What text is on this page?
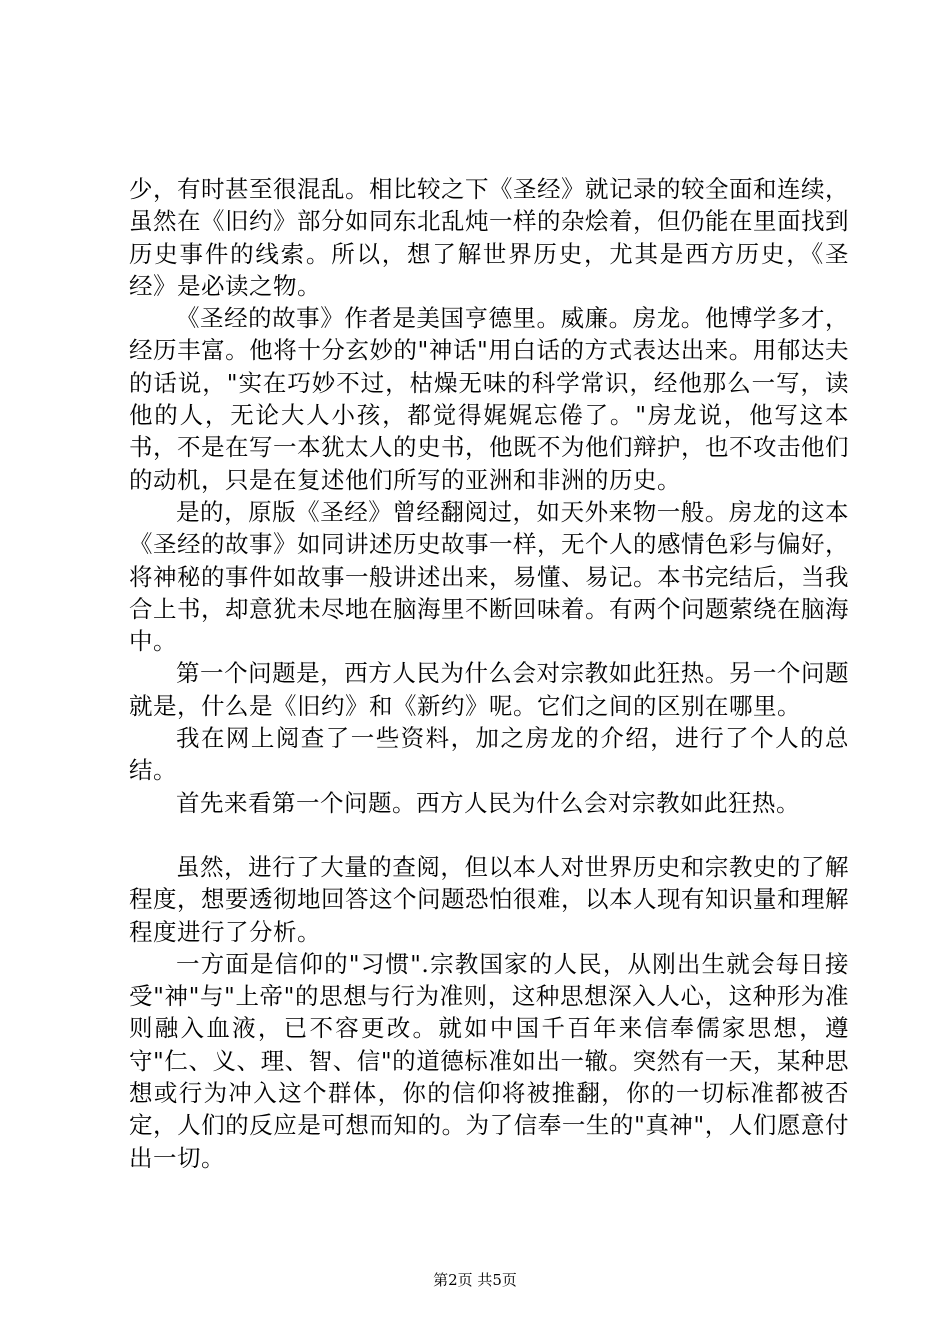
少，有时甚至很混乱。相比较之下《圣经》就记录的较全面和连续，虽然在《旧约》部分如同东北乱炖一样的杂烩着，但仍能在里面找到历史事件的线索。所以，想了解世界历史，尤其是西方历史，《圣经》是必读之物。

《圣经的故事》作者是美国亨德里。威廉。房龙。他博学多才，经历丰富。他将十分玄妙的"神话"用白话的方式表达出来。用郁达夫的话说，"实在巧妙不过，枯燥无味的科学常识，经他那么一写，读他的人，无论大人小孩，都觉得娓娓忘倦了。"房龙说，他写这本书，不是在写一本犹太人的史书，他既不为他们辩护，也不攻击他们的动机，只是在复述他们所写的亚洲和非洲的历史。

是的，原版《圣经》曾经翻阅过，如天外来物一般。房龙的这本《圣经的故事》如同讲述历史故事一样，无个人的感情色彩与偏好，将神秘的事件如故事一般讲述出来，易懂、易记。本书完结后，当我合上书，却意犹未尽地在脑海里不断回味着。有两个问题萦绕在脑海中。

第一个问题是，西方人民为什么会对宗教如此狂热。另一个问题就是，什么是《旧约》和《新约》呢。它们之间的区别在哪里。

我在网上阅查了一些资料，加之房龙的介绍，进行了个人的总结。

首先来看第一个问题。西方人民为什么会对宗教如此狂热。

虽然，进行了大量的查阅，但以本人对世界历史和宗教史的了解程度，想要透彻地回答这个问题恐怕很难，以本人现有知识量和理解程度进行了分析。

一方面是信仰的"习惯".宗教国家的人民，从刚出生就会每日接受"神"与"上帝"的思想与行为准则，这种思想深入人心，这种形为准则融入血液，已不容更改。就如中国千百年来信奉儒家思想，遵守"仁、义、理、智、信"的道德标准如出一辙。突然有一天，某种思想或行为冲入这个群体，你的信仰将被推翻，你的一切标准都被否定，人们的反应是可想而知的。为了信奉一生的"真神"，人们愿意付出一切。

第2页 共5页
